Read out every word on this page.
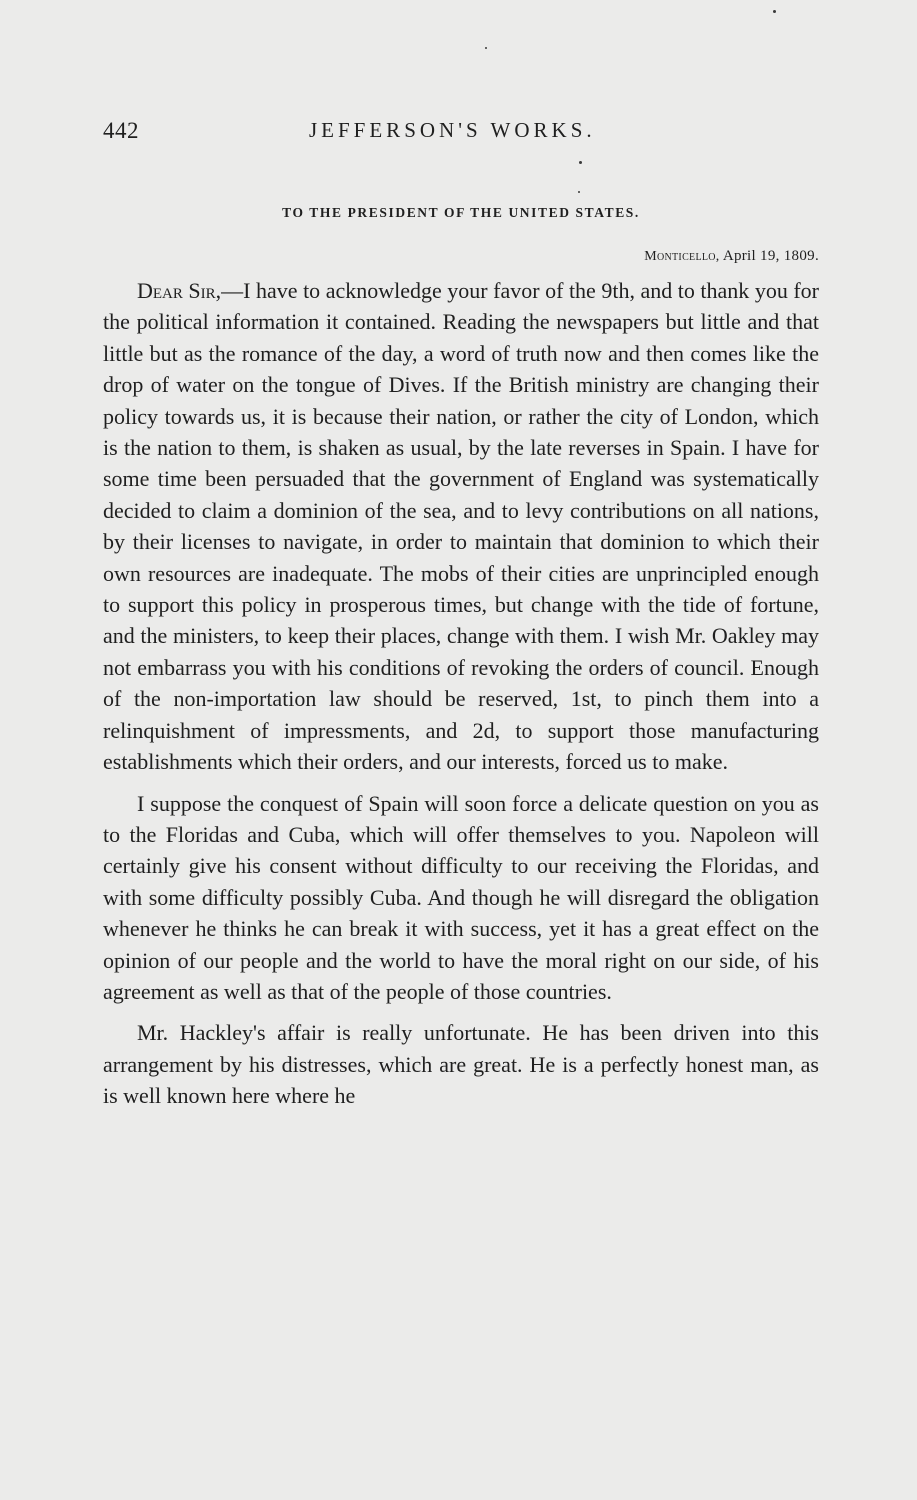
442	JEFFERSON'S WORKS.
TO THE PRESIDENT OF THE UNITED STATES.
Monticello, April 19, 1809.

Dear Sir,—I have to acknowledge your favor of the 9th, and to thank you for the political information it contained. Reading the newspapers but little and that little but as the romance of the day, a word of truth now and then comes like the drop of water on the tongue of Dives. If the British ministry are changing their policy towards us, it is because their nation, or rather the city of London, which is the nation to them, is shaken as usual, by the late reverses in Spain. I have for some time been persuaded that the government of England was systematically decided to claim a dominion of the sea, and to levy contributions on all nations, by their licenses to navigate, in order to maintain that dominion to which their own resources are inadequate. The mobs of their cities are unprincipled enough to support this policy in prosperous times, but change with the tide of fortune, and the ministers, to keep their places, change with them. I wish Mr. Oakley may not embarrass you with his conditions of revoking the orders of council. Enough of the non-importation law should be reserved, 1st, to pinch them into a relinquishment of impressments, and 2d, to support those manufacturing establishments which their orders, and our interests, forced us to make.

I suppose the conquest of Spain will soon force a delicate question on you as to the Floridas and Cuba, which will offer themselves to you. Napoleon will certainly give his consent without difficulty to our receiving the Floridas, and with some difficulty possibly Cuba. And though he will disregard the obligation whenever he thinks he can break it with success, yet it has a great effect on the opinion of our people and the world to have the moral right on our side, of his agreement as well as that of the people of those countries.

Mr. Hackley's affair is really unfortunate. He has been driven into this arrangement by his distresses, which are great. He is a perfectly honest man, as is well known here where he
